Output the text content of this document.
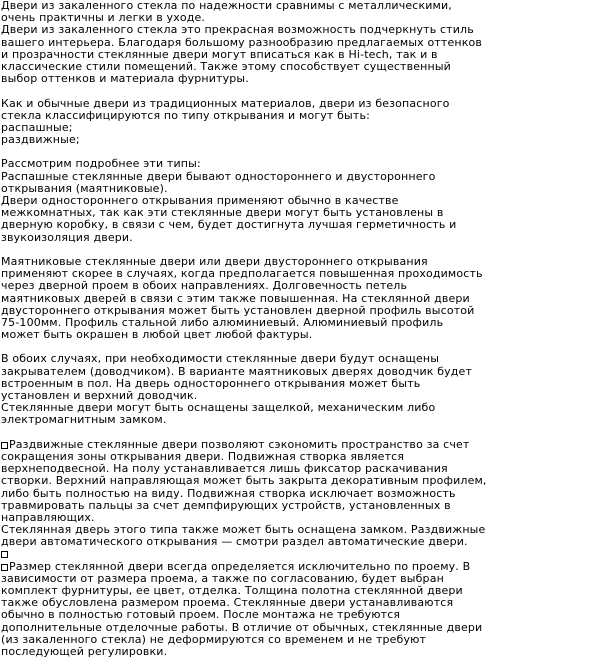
Двери из закаленного стекла по надежности сравнимы с металлическими,
очень практичны и легки в уходе.
Двери из закаленного стекла это прекрасная возможность подчеркнуть стиль
вашего интерьера. Благодаря большому разнообразию предлагаемых оттенков
и прозрачности стеклянные двери могут вписаться как в Hi-tech, так и в
классические стили помещений. Также этому способствует существенный
выбор оттенков и материала фурнитуры.
Как и обычные двери из традиционных материалов, двери из безопасного
стекла классифицируются по типу открывания и могут быть:
распашные;
раздвижные;
Рассмотрим подробнее эти типы:
Распашные стеклянные двери бывают одностороннего и двустороннего
открывания (маятниковые).
Двери одностороннего открывания применяют обычно в качестве
межкомнатных, так как эти стеклянные двери могут быть установлены в
дверную коробку, в связи с чем, будет достигнута лучшая герметичность и
звукоизоляция двери.
Маятниковые стеклянные двери или двери двустороннего открывания
применяют скорее в случаях, когда предполагается повышенная проходимость
через дверной проем в обоих направлениях. Долговечность петель
маятниковых дверей в связи с этим также повышенная. На стеклянной двери
двустороннего открывания может быть установлен дверной профиль высотой
75-100мм. Профиль стальной либо алюминиевый. Алюминиевый профиль
может быть окрашен в любой цвет любой фактуры.
В обоих случаях, при необходимости стеклянные двери будут оснащены
закрывателем (доводчиком). В варианте маятниковых дверях доводчик будет
встроенным в пол. На дверь одностороннего открывания может быть
установлен и верхний доводчик.
Стеклянные двери могут быть оснащены защелкой, механическим либо
электромагнитным замком.
Раздвижные стеклянные двери позволяют сэкономить пространство за счет
сокращения зоны открывания двери. Подвижная створка является
верхнеподвесной. На полу устанавливается лишь фиксатор раскачивания
створки. Верхний направляющая может быть закрыта декоративным профилем,
либо быть полностью на виду. Подвижная створка исключает возможность
травмировать пальцы за счет демпфирующих устройств, установленных в
направляющих.
Стеклянная дверь этого типа также может быть оснащена замком. Раздвижные
двери автоматического открывания — смотри раздел автоматические двери.
Размер стеклянной двери всегда определяется исключительно по проему. В
зависимости от размера проема, а также по согласованию, будет выбран
комплект фурнитуры, ее цвет, отделка. Толщина полотна стеклянной двери
также обусловлена размером проема. Стеклянные двери устанавливаются
обычно в полностью готовый проем. После монтажа не требуются
дополнительные отделочные работы. В отличие от обычных, стеклянные двери
(из закаленного стекла) не деформируются со временем и не требуют
последующей регулировки.
